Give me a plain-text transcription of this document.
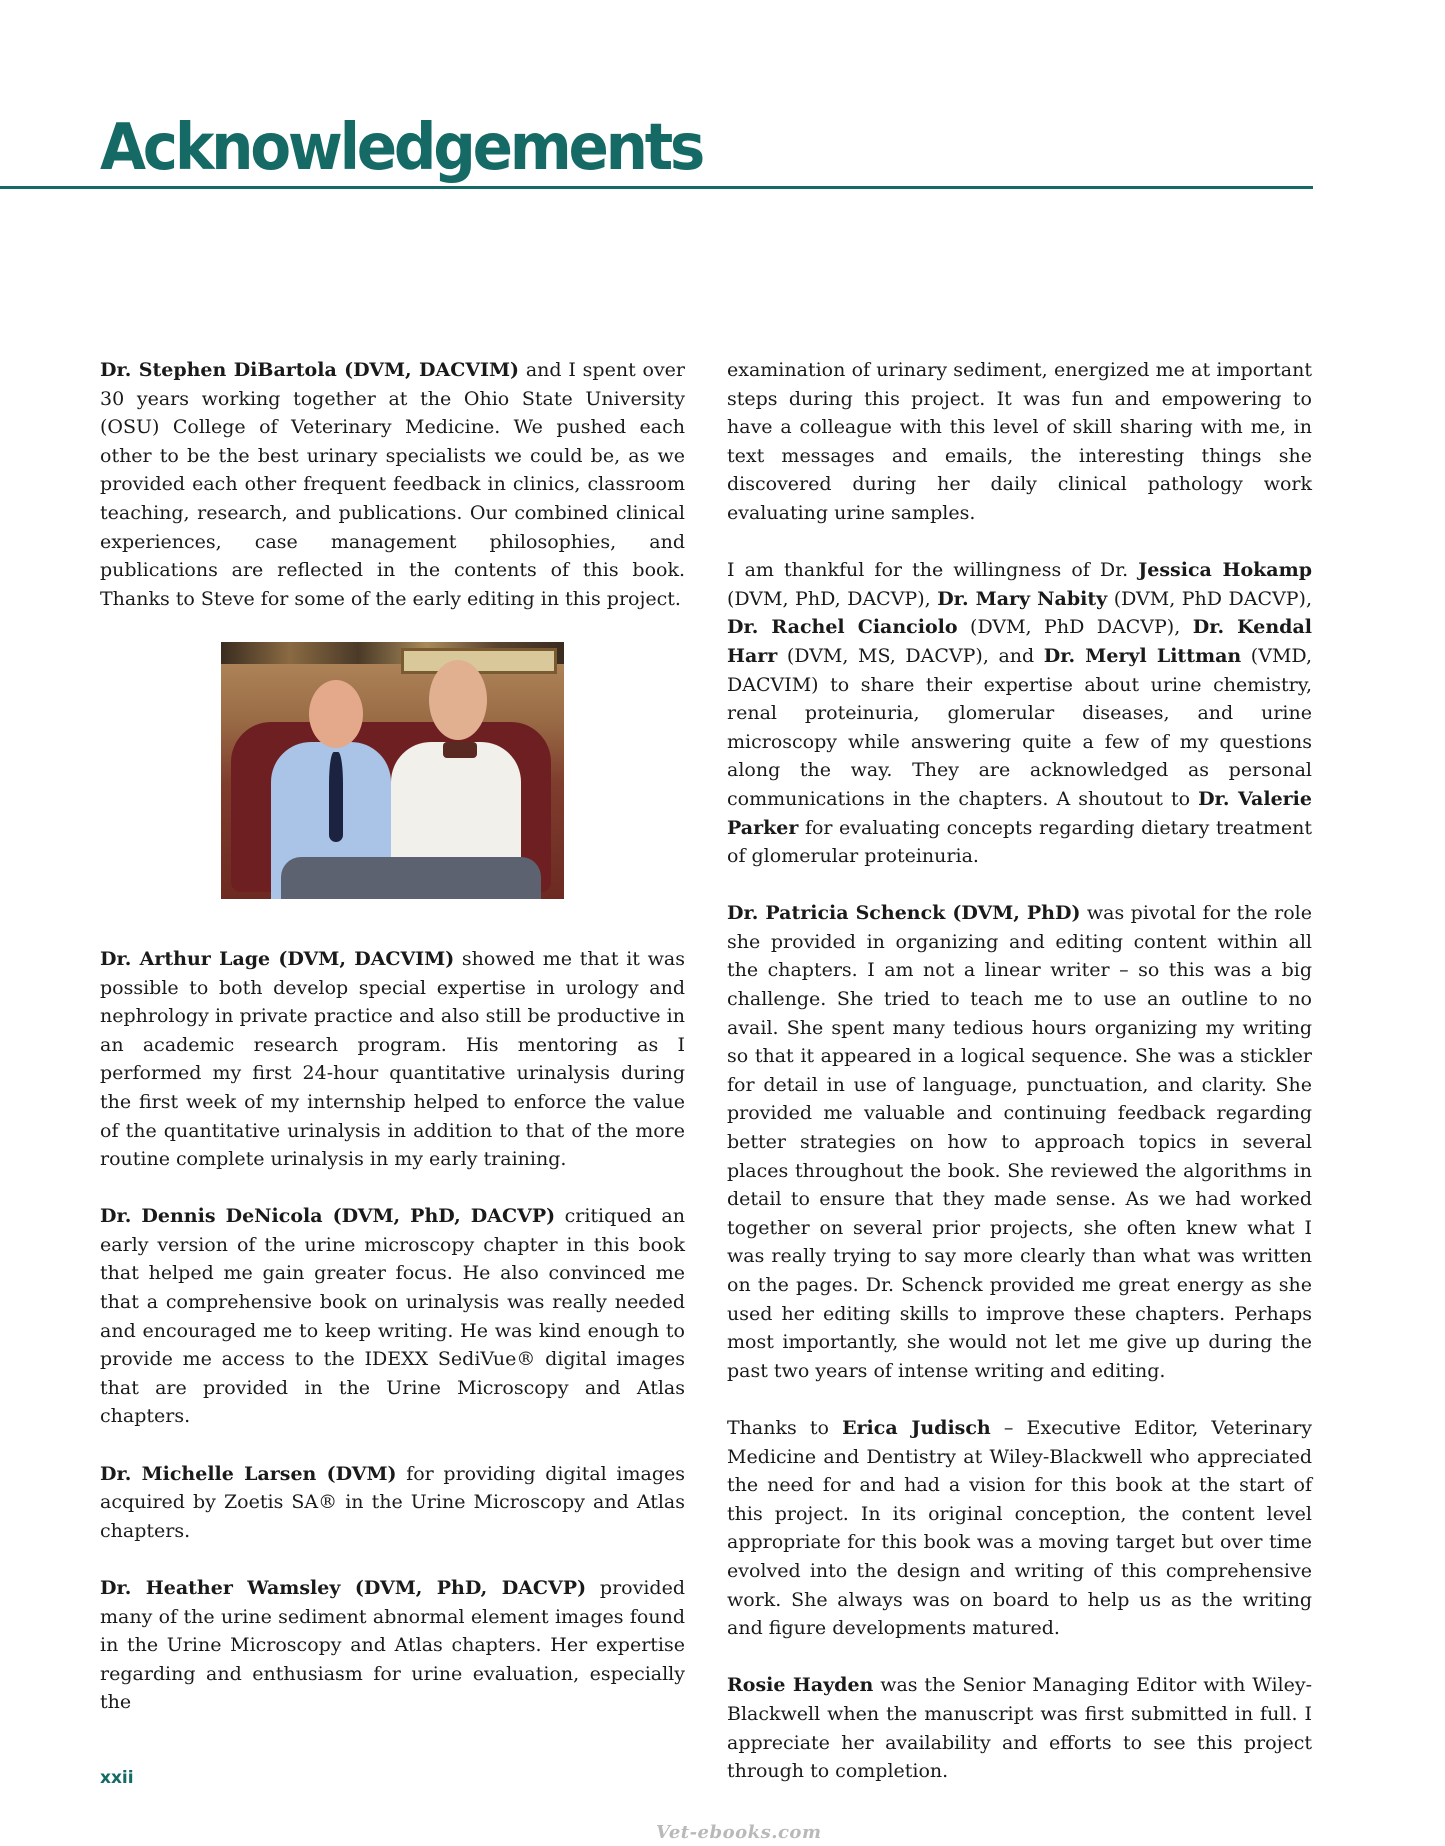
Acknowledgements

Dr. Stephen DiBartola (DVM, DACVIM) and I spent over 30 years working together at the Ohio State University (OSU) College of Veterinary Medicine. We pushed each other to be the best urinary specialists we could be, as we provided each other frequent feedback in clinics, classroom teaching, research, and publications. Our combined clinical experiences, case management philosophies, and publications are reflected in the contents of this book. Thanks to Steve for some of the early editing in this project.

Dr. Arthur Lage (DVM, DACVIM) showed me that it was possible to both develop special expertise in urology and nephrology in private practice and also still be productive in an academic research program. His mentoring as I performed my first 24-hour quantitative urinalysis during the first week of my internship helped to enforce the value of the quantitative urinalysis in addition to that of the more routine complete urinalysis in my early training.

Dr. Dennis DeNicola (DVM, PhD, DACVP) critiqued an early version of the urine microscopy chapter in this book that helped me gain greater focus. He also convinced me that a comprehensive book on urinalysis was really needed and encouraged me to keep writing. He was kind enough to provide me access to the IDEXX SediVue® digital images that are provided in the Urine Microscopy and Atlas chapters.

Dr. Michelle Larsen (DVM) for providing digital images acquired by Zoetis SA® in the Urine Microscopy and Atlas chapters.

Dr. Heather Wamsley (DVM, PhD, DACVP) provided many of the urine sediment abnormal element images found in the Urine Microscopy and Atlas chapters. Her expertise regarding and enthusiasm for urine evaluation, especially the

examination of urinary sediment, energized me at important steps during this project. It was fun and empowering to have a colleague with this level of skill sharing with me, in text messages and emails, the interesting things she discovered during her daily clinical pathology work evaluating urine samples.

I am thankful for the willingness of Dr. Jessica Hokamp (DVM, PhD, DACVP), Dr. Mary Nabity (DVM, PhD DACVP), Dr. Rachel Cianciolo (DVM, PhD DACVP), Dr. Kendal Harr (DVM, MS, DACVP), and Dr. Meryl Littman (VMD, DACVIM) to share their expertise about urine chemistry, renal proteinuria, glomerular diseases, and urine microscopy while answering quite a few of my questions along the way. They are acknowledged as personal communications in the chapters. A shoutout to Dr. Valerie Parker for evaluating concepts regarding dietary treatment of glomerular proteinuria.

Dr. Patricia Schenck (DVM, PhD) was pivotal for the role she provided in organizing and editing content within all the chapters. I am not a linear writer – so this was a big challenge. She tried to teach me to use an outline to no avail. She spent many tedious hours organizing my writing so that it appeared in a logical sequence. She was a stickler for detail in use of language, punctuation, and clarity. She provided me valuable and continuing feedback regarding better strategies on how to approach topics in several places throughout the book. She reviewed the algorithms in detail to ensure that they made sense. As we had worked together on several prior projects, she often knew what I was really trying to say more clearly than what was written on the pages. Dr. Schenck provided me great energy as she used her editing skills to improve these chapters. Perhaps most importantly, she would not let me give up during the past two years of intense writing and editing.

Thanks to Erica Judisch – Executive Editor, Veterinary Medicine and Dentistry at Wiley-Blackwell who appreciated the need for and had a vision for this book at the start of this project. In its original conception, the content level appropriate for this book was a moving target but over time evolved into the design and writing of this comprehensive work. She always was on board to help us as the writing and figure developments matured.

Rosie Hayden was the Senior Managing Editor with Wiley-Blackwell when the manuscript was first submitted in full. I appreciate her availability and efforts to see this project through to completion.

xxii
Vet-ebooks.com
